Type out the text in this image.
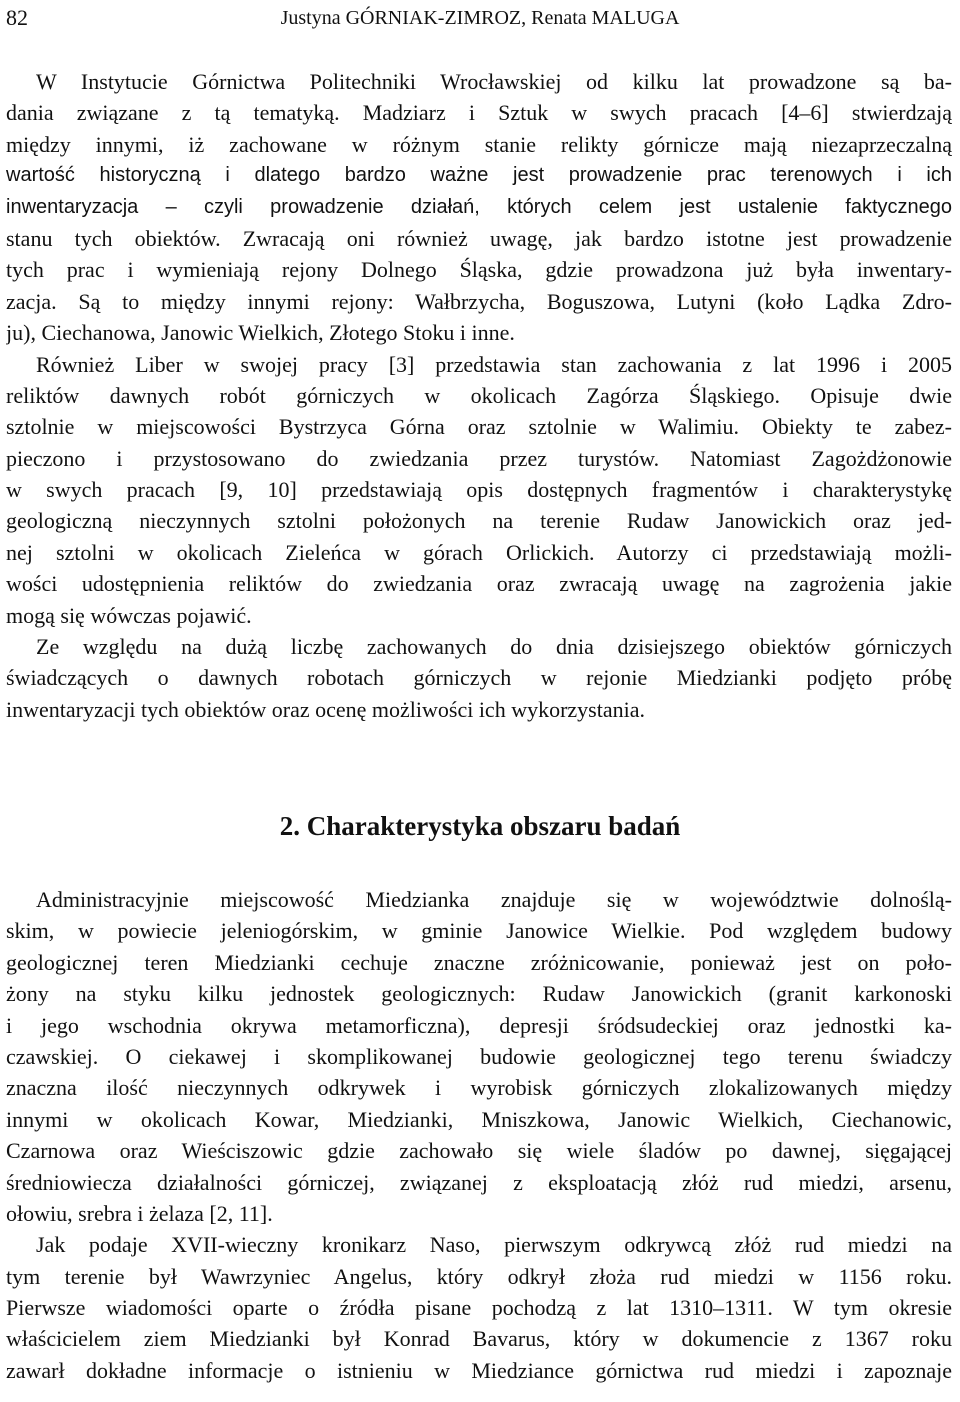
82	Justyna GÓRNIAK-ZIMROZ, Renata MALUGA
W Instytucie Górnictwa Politechniki Wrocławskiej od kilku lat prowadzone są ba-
dania związane z tą tematyką. Madziarz i Sztuk w swych pracach [4–6] stwierdzają
między innymi, iż zachowane w różnym stanie relikty górnicze mają niezaprzeczalną
wartość historyczną i dlatego bardzo ważne jest prowadzenie prac terenowych i ich
inwentaryzacja – czyli prowadzenie działań, których celem jest ustalenie faktycznego
stanu tych obiektów. Zwracają oni również uwagę, jak bardzo istotne jest prowadzenie
tych prac i wymieniają rejony Dolnego Śląska, gdzie prowadzona już była inwentary-
zacja. Są to między innymi rejony: Wałbrzycha, Boguszowa, Lutyni (koło Lądka Zdro-
ju), Ciechanowa, Janowic Wielkich, Złotego Stoku i inne.
Również Liber w swojej pracy [3] przedstawia stan zachowania z lat 1996 i 2005
reliktów dawnych robót górniczych w okolicach Zagórza Śląskiego. Opisuje dwie
sztolnie w miejscowości Bystrzyca Górna oraz sztolnie w Walimiu. Obiekty te zabez-
pieczono i przystosowano do zwiedzania przez turystów. Natomiast Zagożdżonowie
w swych pracach [9, 10] przedstawiają opis dostępnych fragmentów i charakterystykę
geologiczną nieczynnych sztolni położonych na terenie Rudaw Janowickich oraz jed-
nej sztolni w okolicach Zieleńca w górach Orlickich. Autorzy ci przedstawiają możli-
wości udostępnienia reliktów do zwiedzania oraz zwracają uwagę na zagrożenia jakie
mogą się wówczas pojawić.
Ze względu na dużą liczbę zachowanych do dnia dzisiejszego obiektów górniczych
świadczących o dawnych robotach górniczych w rejonie Miedzianki podjęto próbę
inwentaryzacji tych obiektów oraz ocenę możliwości ich wykorzystania.
2. Charakterystyka obszaru badań
Administracyjnie miejscowość Miedzianka znajduje się w województwie dolnoślą-
skim, w powiecie jeleniogórskim, w gminie Janowice Wielkie. Pod względem budowy
geologicznej teren Miedzianki cechuje znaczne zróżnicowanie, ponieważ jest on poło-
żony na styku kilku jednostek geologicznych: Rudaw Janowickich (granit karkonoski
i jego wschodnia okrywa metamorficzna), depresji śródsudeckiej oraz jednostki ka-
czawskiej. O ciekawej i skomplikowanej budowie geologicznej tego terenu świadczy
znaczna ilość nieczynnych odkrywek i wyrobisk górniczych zlokalizowanych między
innymi w okolicach Kowar, Miedzianki, Mniszkowa, Janowic Wielkich, Ciechanowic,
Czarnowa oraz Wieściszowic gdzie zachowało się wiele śladów po dawnej, sięgającej
średniowiecza działalności górniczej, związanej z eksploatacją złóż rud miedzi, arsenu,
ołowiu, srebra i żelaza [2, 11].
Jak podaje XVII-wieczny kronikarz Naso, pierwszym odkrywcą złóż rud miedzi na
tym terenie był Wawrzyniec Angelus, który odkrył złoża rud miedzi w 1156 roku.
Pierwsze wiadomości oparte o źródła pisane pochodzą z lat 1310–1311. W tym okresie
właścicielem ziem Miedzianki był Konrad Bavarus, który w dokumencie z 1367 roku
zawarł dokładne informacje o istnieniu w Miedziance górnictwa rud miedzi i zapoznaje
